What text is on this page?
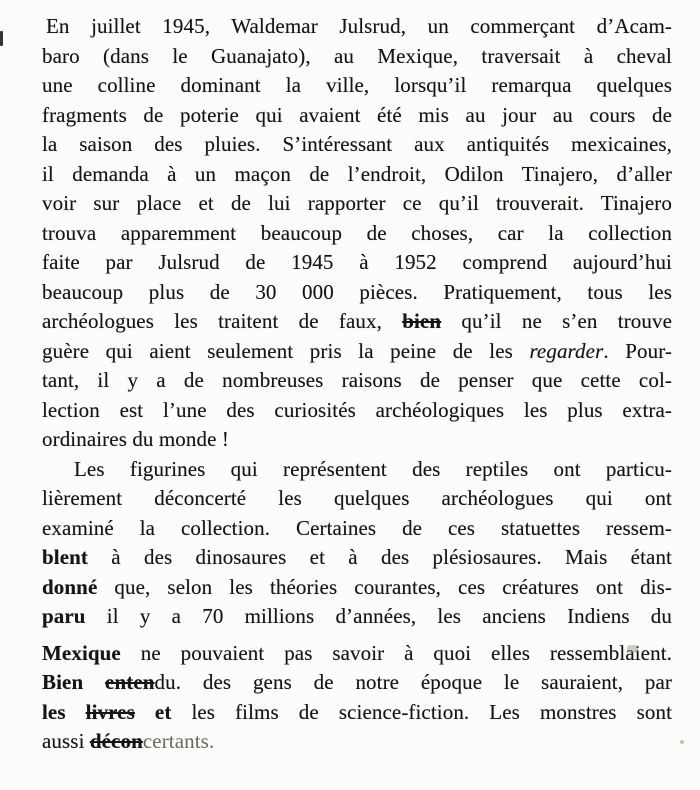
En juillet 1945, Waldemar Julsrud, un commerçant d’Acam-
baro (dans le Guanajato), au Mexique, traversait à cheval
une colline dominant la ville, lorsqu’il remarqua quelques
fragments de poterie qui avaient été mis au jour au cours de
la saison des pluies. S’intéressant aux antiquités mexicaines,
il demanda à un maçon de l’endroit, Odilon Tinajero, d’aller
voir sur place et de lui rapporter ce qu’il trouverait. Tinajero
trouva apparemment beaucoup de choses, car la collection
faite par Julsrud de 1945 à 1952 comprend aujourd’hui
beaucoup plus de 30 000 pièces. Pratiquement, tous les
archéologues les traitent de faux, bien qu’il ne s’en trouve
guère qui aient seulement pris la peine de les regarder. Pour-
tant, il y a de nombreuses raisons de penser que cette col-
lection est l’une des curiosités archéologiques les plus extra-
ordinaires du monde !
Les figurines qui représentent des reptiles ont particu-
lièrement déconcerté les quelques archéologues qui ont
examiné la collection. Certaines de ces statuettes ressem-
blent à des dinosaures et à des plésiosaures. Mais étant
donné que, selon les théories courantes, ces créatures ont dis-
paru il y a 70 millions d’années, les anciens Indiens du
Mexique ne pouvaient pas savoir à quoi elles ressemblaient.
Bien entendu. des gens de notre époque le sauraient, par
les livres et les films de science-fiction. Les monstres sont
aussi déconcertants.
